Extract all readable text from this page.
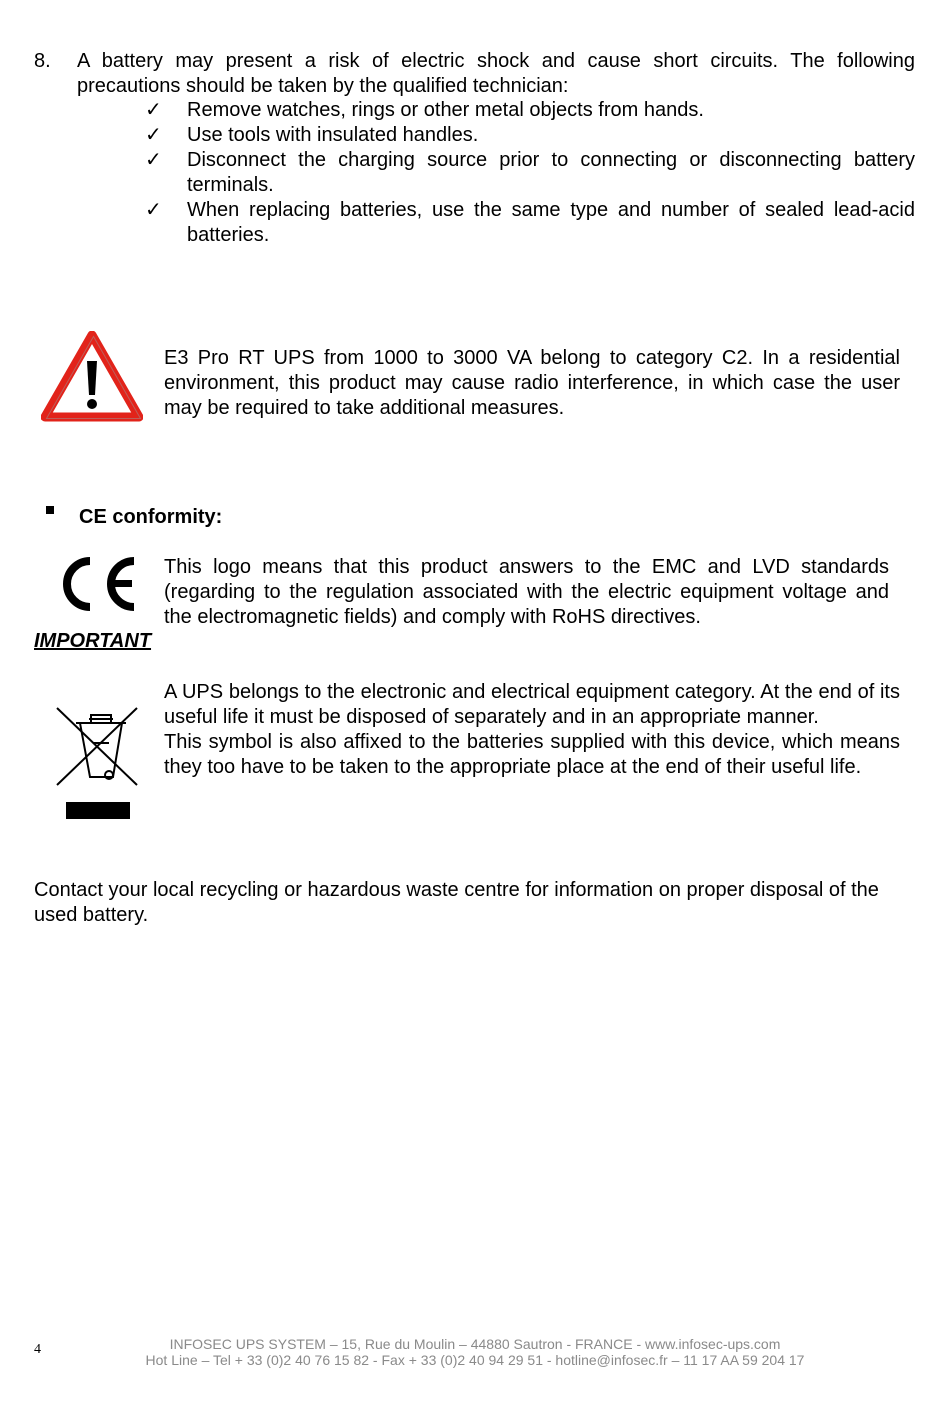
8. A battery may present a risk of electric shock and cause short circuits. The following precautions should be taken by the qualified technician:
✓	Remove watches, rings or other metal objects from hands.
✓	Use tools with insulated handles.
✓	Disconnect the charging source prior to connecting or disconnecting battery terminals.
✓	When replacing batteries, use the same type and number of sealed lead-acid batteries.
E3 Pro RT UPS from 1000 to 3000 VA belong to category C2. In a residential environment, this product may cause radio interference, in which case the user may be required to take additional measures.
CE conformity:
This logo means that this product answers to the EMC and LVD standards (regarding to the regulation associated with the electric equipment voltage and the electromagnetic fields) and comply with RoHS directives.
IMPORTANT
A UPS belongs to the electronic and electrical equipment category. At the end of its useful life it must be disposed of separately and in an appropriate manner.
This symbol is also affixed to the batteries supplied with this device, which means they too have to be taken to the appropriate place at the end of their useful life.
Contact your local recycling or hazardous waste centre for information on proper disposal of the used battery.
INFOSEC UPS SYSTEM – 15, Rue du Moulin – 44880 Sautron - FRANCE - www.infosec-ups.com
Hot Line – Tel + 33 (0)2 40 76 15 82 - Fax + 33 (0)2 40 94 29 51 - hotline@infosec.fr – 11 17 AA 59 204 17
4
